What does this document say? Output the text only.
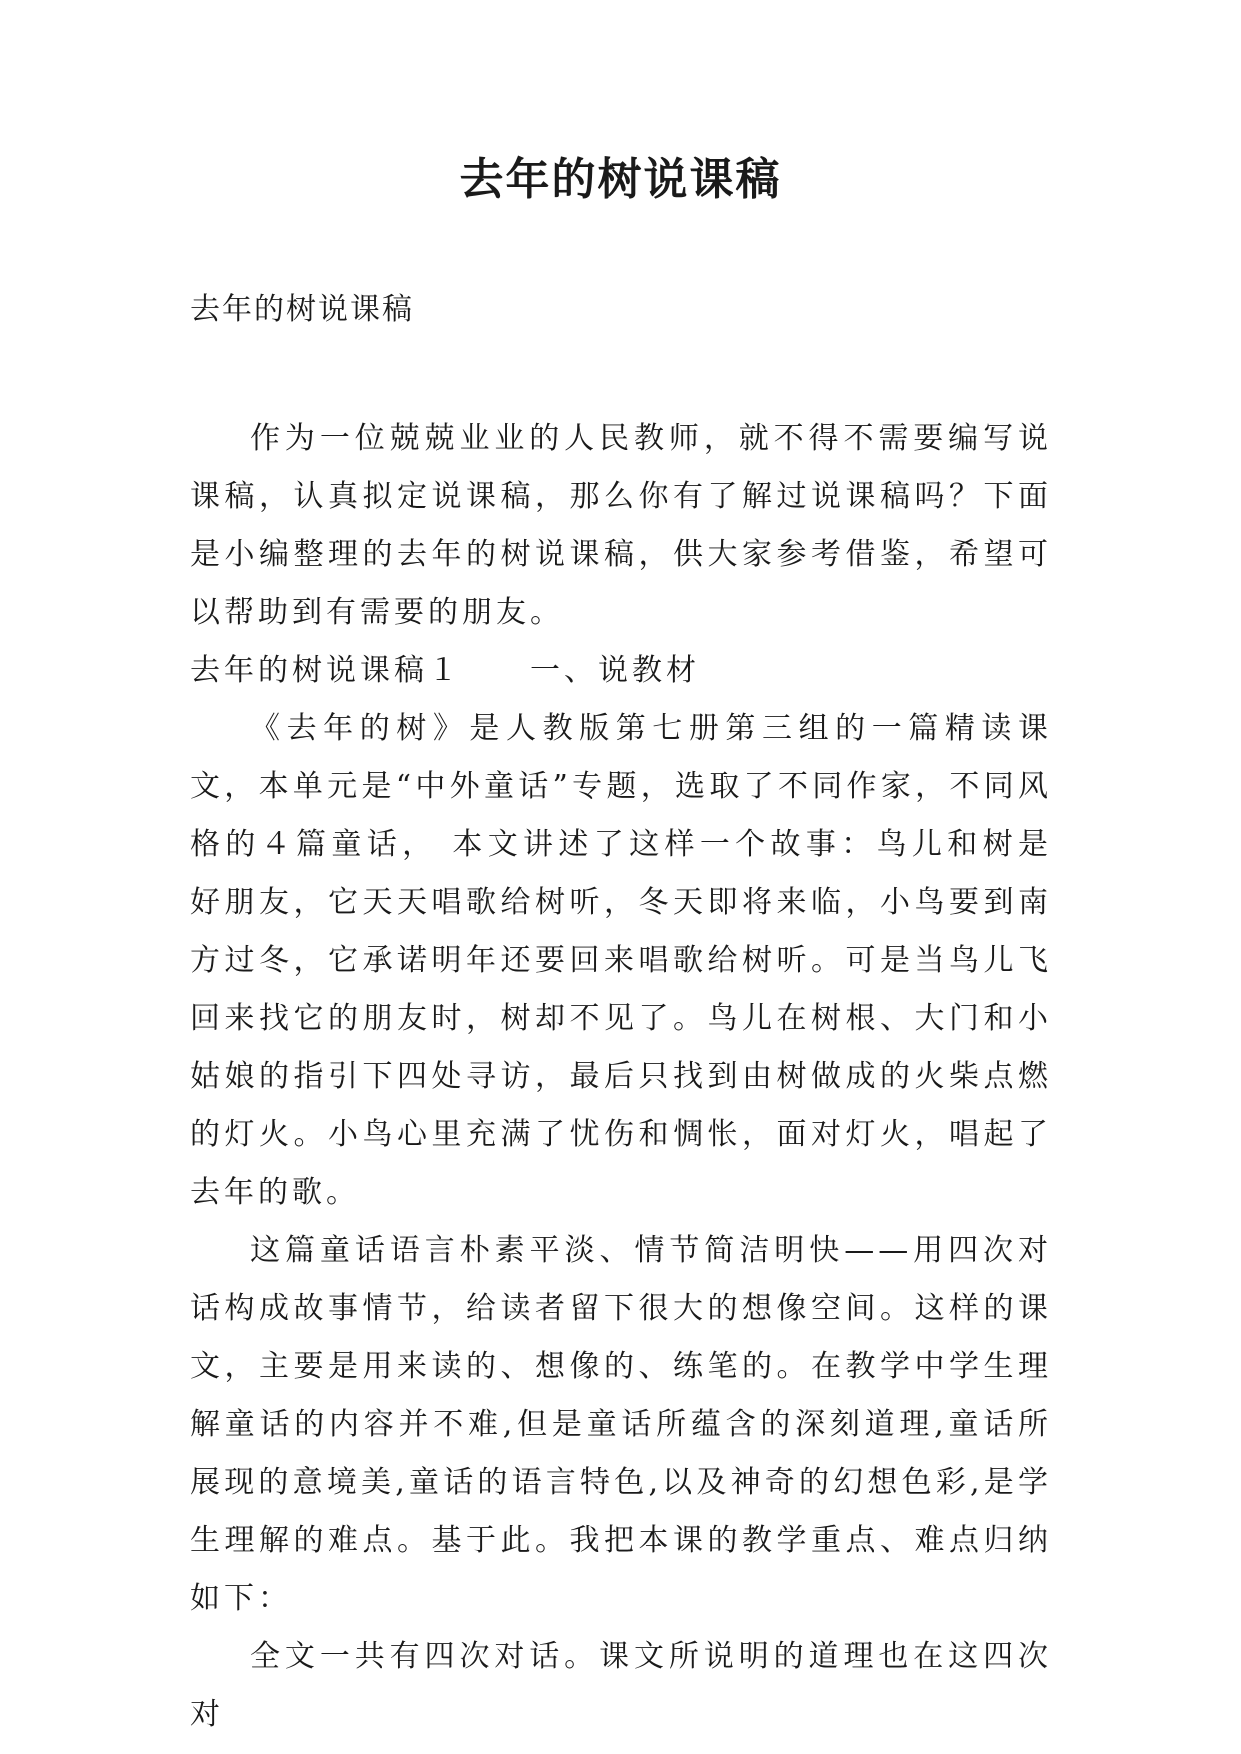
去年的树说课稿
去年的树说课稿

作为一位兢兢业业的人民教师，就不得不需要编写说课稿，认真拟定说课稿，那么你有了解过说课稿吗？下面是小编整理的去年的树说课稿，供大家参考借鉴，希望可以帮助到有需要的朋友。

去年的树说课稿１　　一、说教材

《去年的树》是人教版第七册第三组的一篇精读课文，本单元是“中外童话”专题，选取了不同作家，不同风格的４篇童话， 本文讲述了这样一个故事：鸟儿和树是好朋友，它天天唱歌给树听，冬天即将来临，小鸟要到南方过冬，它承诺明年还要回来唱歌给树听。可是当鸟儿飞回来找它的朋友时，树却不见了。鸟儿在树根、大门和小姑娘的指引下四处寻访，最后只找到由树做成的火柴点燃的灯火。小鸟心里充满了忧伤和惆怅，面对灯火，唱起了去年的歌。

这篇童话语言朴素平淡、情节简洁明快——用四次对话构成故事情节，给读者留下很大的想像空间。这样的课文，主要是用来读的、想像的、练笔的。在教学中学生理解童话的内容并不难,但是童话所蕴含的深刻道理,童话所展现的意境美,童话的语言特色,以及神奇的幻想色彩,是学生理解的难点。基于此。我把本课的教学重点、难点归纳如下：

全文一共有四次对话。课文所说明的道理也在这四次对
